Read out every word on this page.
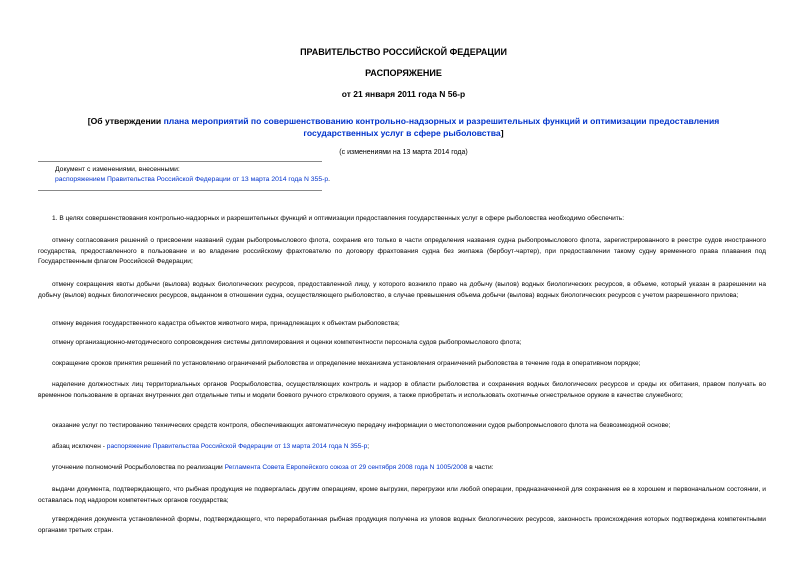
ПРАВИТЕЛЬСТВО РОССИЙСКОЙ ФЕДЕРАЦИИ
РАСПОРЯЖЕНИЕ
от 21 января 2011 года N 56-р
[Об утверждении плана мероприятий по совершенствованию контрольно-надзорных и разрешительных функций и оптимизации предоставления государственных услуг в сфере рыболовства]
(с изменениями на 13 марта 2014 года)
Документ с изменениями, внесенными:
распоряжением Правительства Российской Федерации от 13 марта 2014 года N 355-р.
1. В целях совершенствования контрольно-надзорных и разрешительных функций и оптимизации предоставления государственных услуг в сфере рыболовства необходимо обеспечить:
отмену согласования решений о присвоении названий судам рыбопромыслового флота, сохранив его только в части определения названия судна рыбопромыслового флота, зарегистрированного в реестре судов иностранного государства, предоставленного в пользование и во владение российскому фрахтователю по договору фрахтования судна без экипажа (бербоут-чартер), при предоставлении такому судну временного права плавания под Государственным флагом Российской Федерации;
отмену сокращения квоты добычи (вылова) водных биологических ресурсов, предоставленной лицу, у которого возникло право на добычу (вылов) водных биологических ресурсов, в объеме, который указан в разрешении на добычу (вылов) водных биологических ресурсов, выданном в отношении судна, осуществляющего рыболовство, в случае превышения объема добычи (вылова) водных биологических ресурсов с учетом разрешенного прилова;
отмену ведения государственного кадастра объектов животного мира, принадлежащих к объектам рыболовства;
отмену организационно-методического сопровождения системы дипломирования и оценки компетентности персонала судов рыбопромыслового флота;
сокращение сроков принятия решений по установлению ограничений рыболовства и определение механизма установления ограничений рыболовства в течение года в оперативном порядке;
наделение должностных лиц территориальных органов Росрыболовства, осуществляющих контроль и надзор в области рыболовства и сохранения водных биологических ресурсов и среды их обитания, правом получать во временное пользование в органах внутренних дел отдельные типы и модели боевого ручного стрелкового оружия, а также приобретать и использовать охотничье огнестрельное оружие в качестве служебного;
оказание услуг по тестированию технических средств контроля, обеспечивающих автоматическую передачу информации о местоположении судов рыбопромыслового флота на безвозмездной основе;
абзац исключен - распоряжение Правительства Российской Федерации от 13 марта 2014 года N 355-р;
уточнение полномочий Росрыболовства по реализации Регламента Совета Европейского союза от 29 сентября 2008 года N 1005/2008 в части:
выдачи документа, подтверждающего, что рыбная продукция не подвергалась другим операциям, кроме выгрузки, перегрузки или любой операции, предназначенной для сохранения ее в хорошем и первоначальном состоянии, и оставалась под надзором компетентных органов государства;
утверждения документа установленной формы, подтверждающего, что переработанная рыбная продукция получена из уловов водных биологических ресурсов, законность происхождения которых подтверждена компетентными органами третьих стран.
